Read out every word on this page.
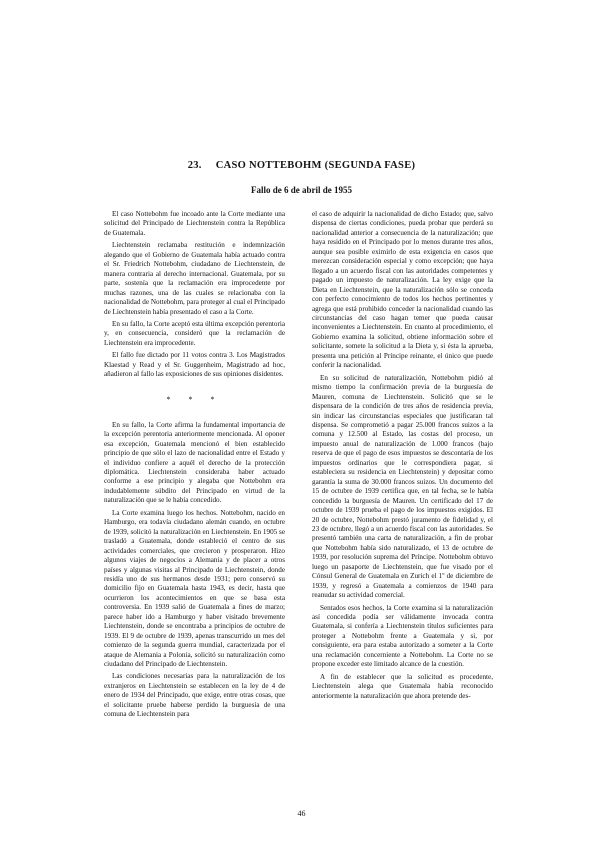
23. CASO NOTTEBOHM (SEGUNDA FASE)
Fallo de 6 de abril de 1955

El caso Nottebohm fue incoado ante la Corte mediante una solicitud del Principado de Liechtenstein contra la República de Guatemala.

Liechtenstein reclamaba restitución e indemnización alegando que el Gobierno de Guatemala había actuado contra el Sr. Friedrich Nottebohm, ciudadano de Liechtenstein, de manera contraria al derecho internacional. Guatemala, por su parte, sostenía que la reclamación era improcedente por muchas razones, una de las cuales se relacionaba con la nacionalidad de Nottebohm, para proteger al cual el Principado de Liechtenstein había presentado el caso a la Corte.

En su fallo, la Corte aceptó esta última excepción perentoria y, en consecuencia, consideró que la reclamación de Liechtenstein era improcedente.

El fallo fue dictado por 11 votos contra 3. Los Magistrados Klaestad y Read y el Sr. Guggenheim, Magistrado ad hoc, añadieron al fallo las exposiciones de sus opiniones disidentes.

* * *

En su fallo, la Corte afirma la fundamental importancia de la excepción perentoria anteriormente mencionada. Al oponer esa excepción, Guatemala mencionó el bien establecido principio de que sólo el lazo de nacionalidad entre el Estado y el individuo confiere a aquél el derecho de la protección diplomática. Liechtenstein consideraba haber actuado conforme a ese principio y alegaba que Nottebohm era indudablemente súbdito del Principado en virtud de la naturalización que se le había concedido.

La Corte examina luego los hechos. Nottebohm, nacido en Hamburgo, era todavía ciudadano alemán cuando, en octubre de 1939, solicitó la naturalización en Liechtenstein. En 1905 se trasladó a Guatemala, donde estableció el centro de sus actividades comerciales, que crecieron y prosperaron. Hizo algunos viajes de negocios a Alemania y de placer a otros países y algunas visitas al Principado de Liechtenstein, donde residía uno de sus hermanos desde 1931; pero conservó su domicilio fijo en Guatemala hasta 1943, es decir, hasta que ocurrieron los acontecimientos en que se basa esta controversia. En 1939 salió de Guatemala a fines de marzo; parece haber ido a Hamburgo y haber visitado brevemente Liechtenstein, donde se encontraba a principios de octubre de 1939. El 9 de octubre de 1939, apenas transcurrido un mes del comienzo de la segunda guerra mundial, caracterizada por el ataque de Alemania a Polonia, solicitó su naturalización como ciudadano del Principado de Liechtenstein.

Las condiciones necesarias para la naturalización de los extranjeros en Liechtenstein se establecen en la ley de 4 de enero de 1934 del Principado, que exige, entre otras cosas, que el solicitante pruebe haberse perdido la burguesía de una comuna de Liechtenstein para

el caso de adquirir la nacionalidad de dicho Estado; que, salvo dispensa de ciertas condiciones, pueda probar que perderá su nacionalidad anterior a consecuencia de la naturalización; que haya residido en el Principado por lo menos durante tres años, aunque sea posible eximirlo de esta exigencia en casos que merezcan consideración especial y como excepción; que haya llegado a un acuerdo fiscal con las autoridades competentes y pagado un impuesto de naturalización. La ley exige que la Dieta en Liechtenstein, que la naturalización sólo se conceda con perfecto conocimiento de todos los hechos pertinentes y agrega que está prohibido conceder la nacionalidad cuando las circunstancias del caso hagan temer que pueda causar inconvenientes a Liechtenstein. En cuanto al procedimiento, el Gobierno examina la solicitud, obtiene información sobre el solicitante, somete la solicitud a la Dieta y, si ésta la aprueba, presenta una petición al Príncipe reinante, el único que puede conferir la nacionalidad.

En su solicitud de naturalización, Nottebohm pidió al mismo tiempo la confirmación previa de la burguesía de Mauren, comuna de Liechtenstein. Solicitó que se le dispensara de la condición de tres años de residencia previa, sin indicar las circunstancias especiales que justificaran tal dispensa. Se comprometió a pagar 25.000 francos suizos a la comuna y 12.500 al Estado, las costas del proceso, un impuesto anual de naturalización de 1.000 francos (bajo reserva de que el pago de esos impuestos se descontaría de los impuestos ordinarios que le correspondiera pagar, si estableciera su residencia en Liechtenstein) y depositar como garantía la suma de 30.000 francos suizos. Un documento del 15 de octubre de 1939 certifica que, en tal fecha, se le había concedido la burguesía de Mauren. Un certificado del 17 de octubre de 1939 prueba el pago de los impuestos exigidos. El 20 de octubre, Nottebohm prestó juramento de fidelidad y, el 23 de octubre, llegó a un acuerdo fiscal con las autoridades. Se presentó también una carta de naturalización, a fin de probar que Nottebohm había sido naturalizado, el 13 de octubre de 1939, por resolución suprema del Príncipe. Nottebohm obtuvo luego un pasaporte de Liechtenstein, que fue visado por el Cónsul General de Guatemala en Zurich el 1º de diciembre de 1939, y regresó a Guatemala a comienzos de 1940 para reanudar su actividad comercial.

Sentados esos hechos, la Corte examina si la naturalización así concedida podía ser válidamente invocada contra Guatemala, si confería a Liechtenstein títulos suficientes para proteger a Nottebohm frente a Guatemala y si, por consiguiente, era para estaba autorizado a someter a la Corte una reclamación concerniente a Nottebohm. La Corte no se propone exceder este limitado alcance de la cuestión.

A fin de establecer que la solicitud es procedente, Liechtenstein alega que Guatemala había reconocido anteriormente la naturalización que ahora pretende des-

46
